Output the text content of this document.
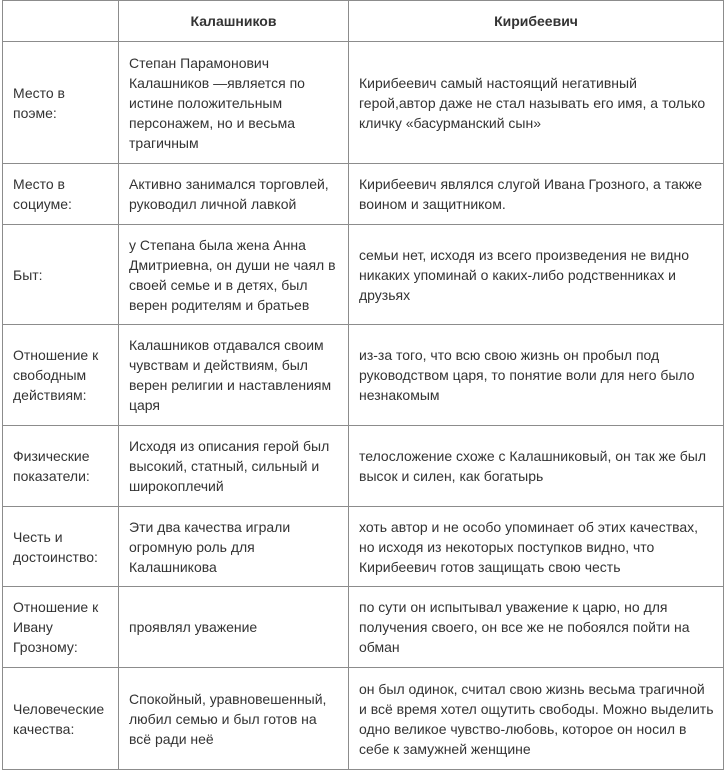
	Калашников	Кирибеевич
Место в поэме:	Степан Парамонович Калашников —является по истине положительным персонажем, но и весьма трагичным	Кирибеевич самый настоящий негативный герой,автор даже не стал называть его имя, а только кличку «басурманский сын»
Место в социуме:	Активно занимался торговлей, руководил личной лавкой	Кирибеевич являлся слугой Ивана Грозного, а также воином и защитником.
Быт:	у Степана была жена Анна Дмитриевна, он души не чаял в своей семье и в детях, был верен родителям и братьев	семьи нет, исходя из всего произведения не видно никаких упоминай о каких-либо родственниках и друзьях
Отношение к свободным действиям:	Калашников отдавался своим чувствам и действиям, был верен религии и наставлениям царя	из-за того, что всю свою жизнь он пробыл под руководством царя, то понятие воли для него было незнакомым
Физические показатели:	Исходя из описания герой был высокий, статный, сильный и широкоплечий	телосложение схоже с Калашниковый, он так же был высок и силен, как богатырь
Честь и достоинство:	Эти два качества играли огромную роль для Калашникова	хоть автор и не особо упоминает об этих качествах, но исходя из некоторых поступков видно, что Кирибеевич готов защищать свою честь
Отношение к Ивану Грозному:	проявлял уважение	по сути он испытывал уважение к царю, но для получения своего, он все же не побоялся пойти на обман
Человеческие качества:	Спокойный, уравновешенный, любил семью и был готов на всё ради неё	он был одинок, считал свою жизнь весьма трагичной и всё время хотел ощутить свободы. Можно выделить одно великое чувство-любовь, которое он носил в себе к замужней женщине
